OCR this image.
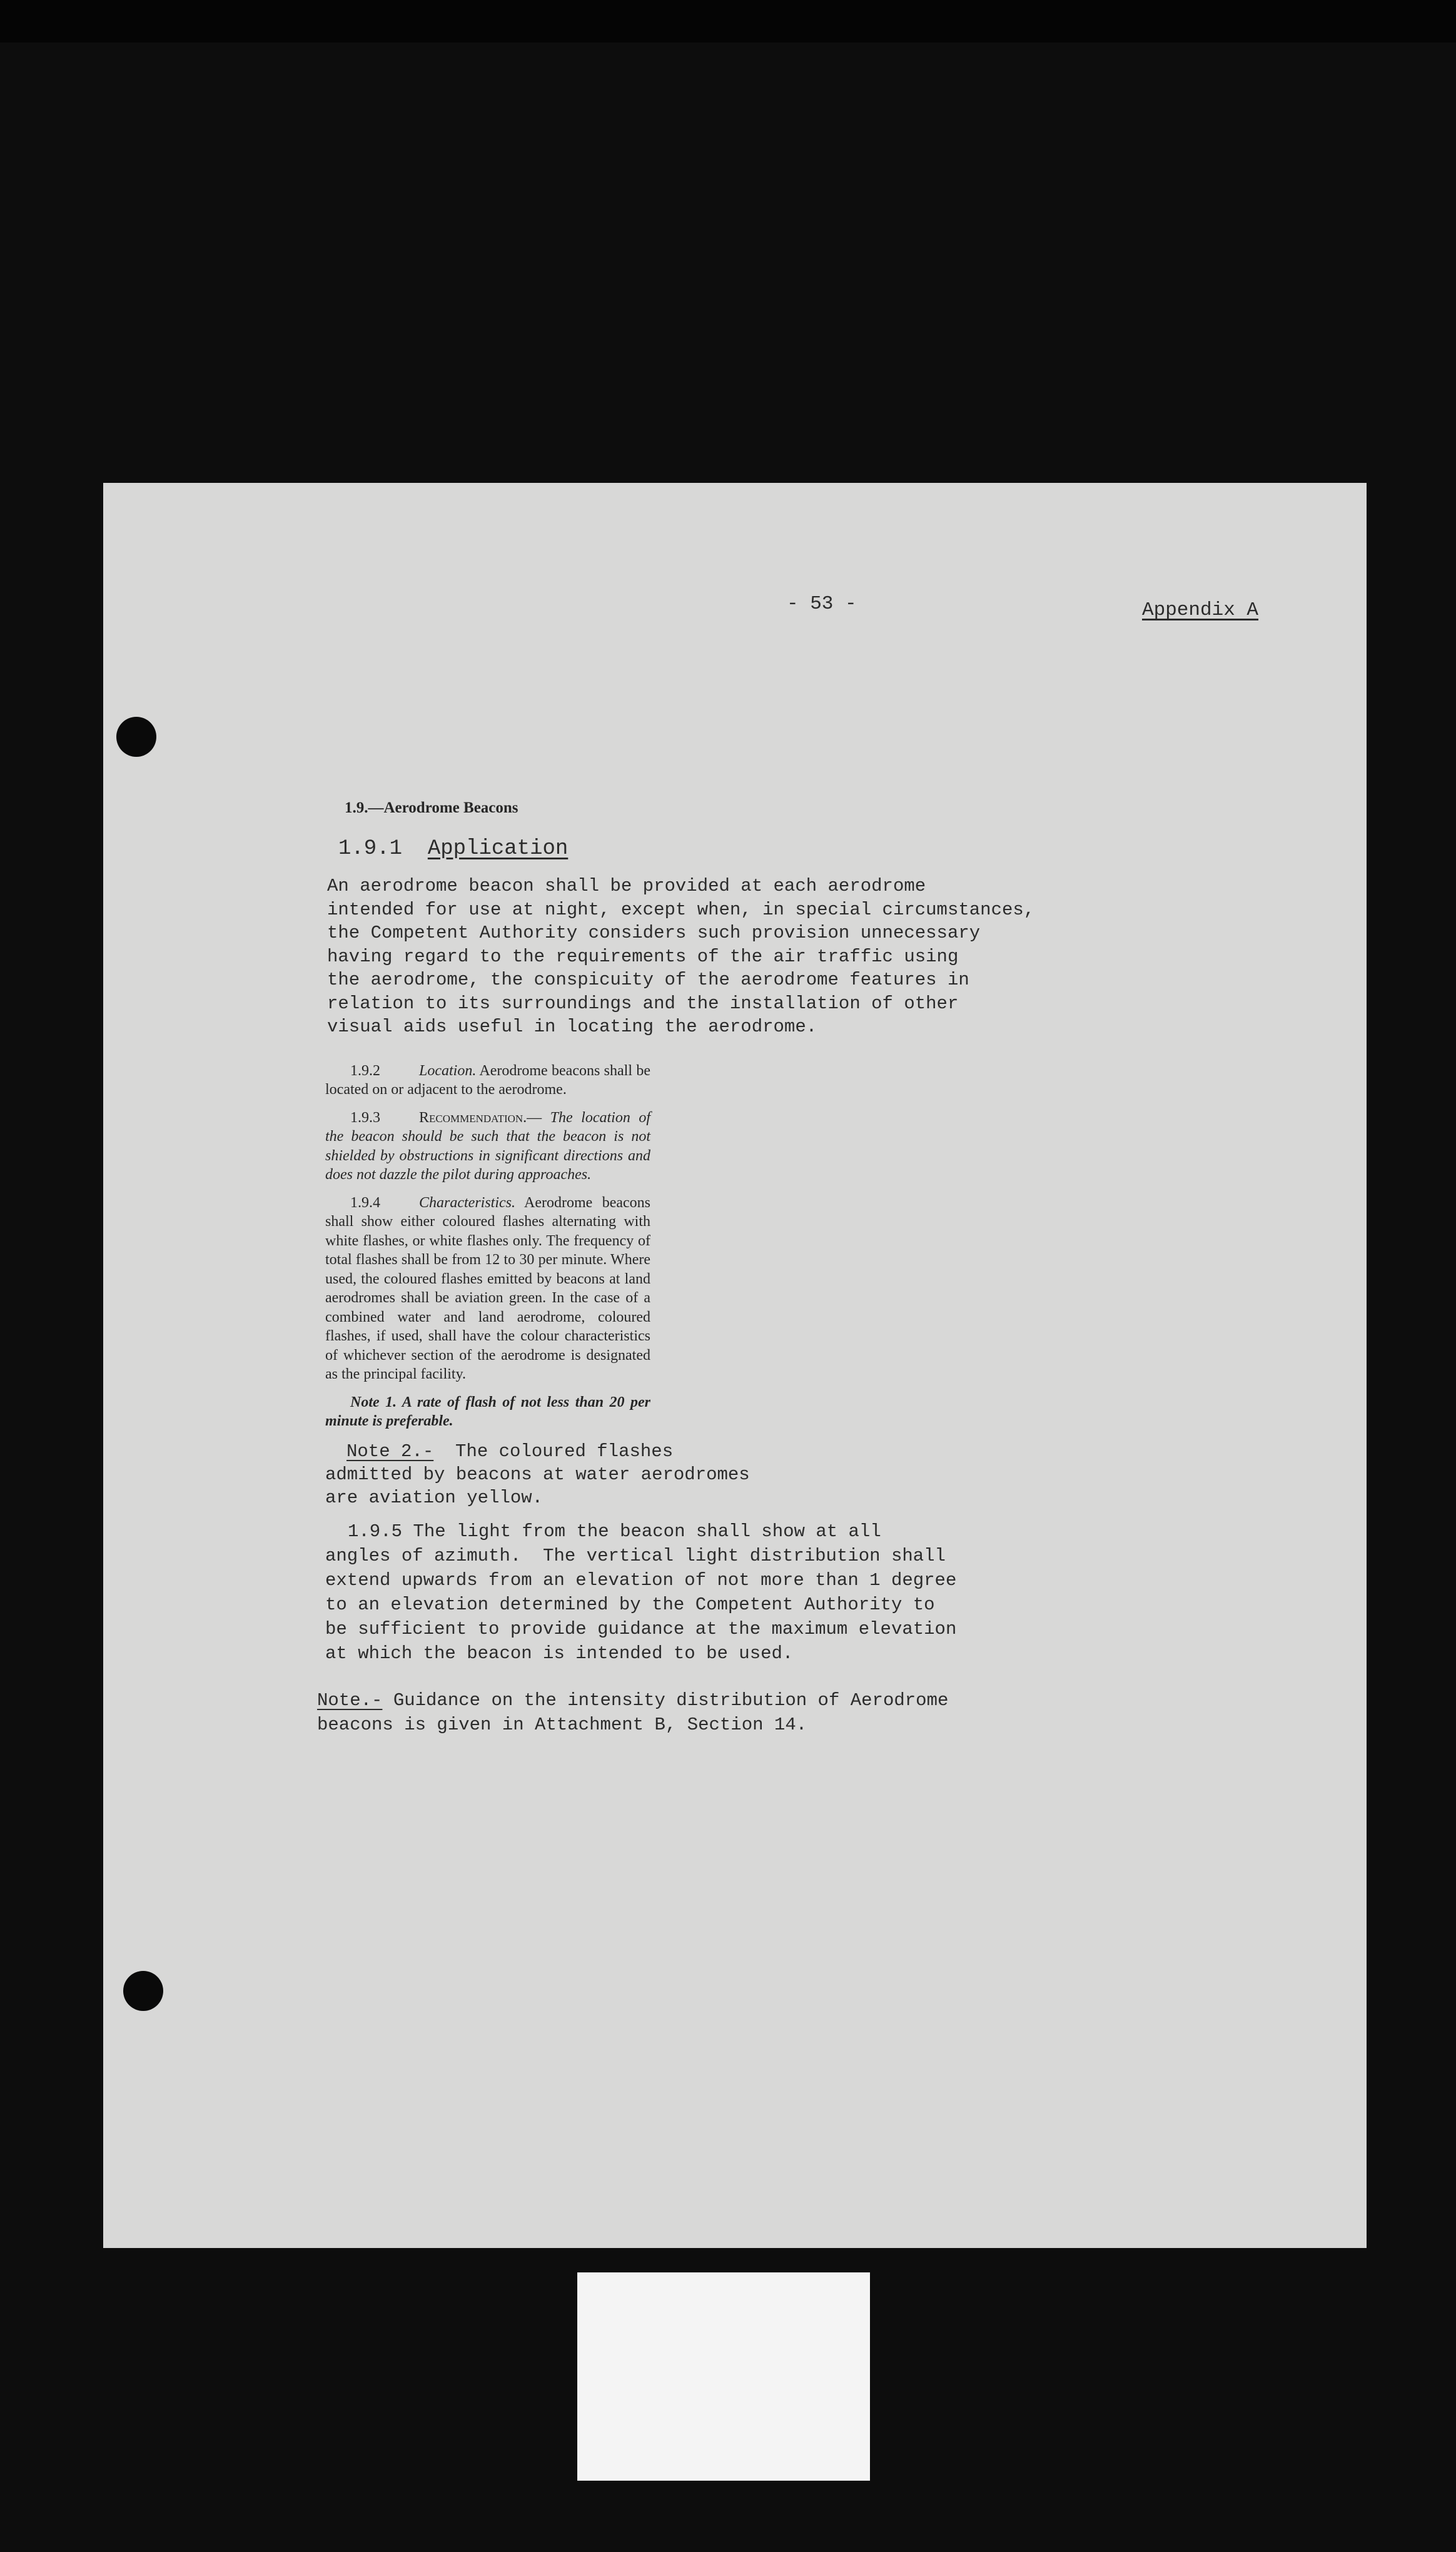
- 53 -	Appendix A
1.9.—Aerodrome Beacons
1.9.1 Application
An aerodrome beacon shall be provided at each aerodrome
intended for use at night, except when, in special circumstances,
the Competent Authority considers such provision unnecessary
having regard to the requirements of the air traffic using
the aerodrome, the conspicuity of the aerodrome features in
relation to its surroundings and the installation of other
visual aids useful in locating the aerodrome.

1.9.2	Location. Aerodrome beacons shall be located on or adjacent to the aerodrome.

1.9.3	Recommendation.— The location of the beacon should be such that the beacon is not shielded by obstructions in significant directions and does not dazzle the pilot during approaches.

1.9.4	Characteristics. Aerodrome beacons shall show either coloured flashes alternating with white flashes, or white flashes only. The frequency of total flashes shall be from 12 to 30 per minute. Where used, the coloured flashes emitted by beacons at land aerodromes shall be aviation green. In the case of a combined water and land aerodrome, coloured flashes, if used, shall have the colour characteristics of whichever section of the aerodrome is designated as the principal facility.

Note 1. A rate of flash of not less than 20 per minute is preferable.

Note 2.-  The coloured flashes
admitted by beacons at water aerodromes
are aviation yellow.
1.9.5 The light from the beacon shall show at all
angles of azimuth.  The vertical light distribution shall
extend upwards from an elevation of not more than 1 degree
to an elevation determined by the Competent Authority to
be sufficient to provide guidance at the maximum elevation
at which the beacon is intended to be used.
Note.- Guidance on the intensity distribution of Aerodrome
beacons is given in Attachment B, Section 14.
